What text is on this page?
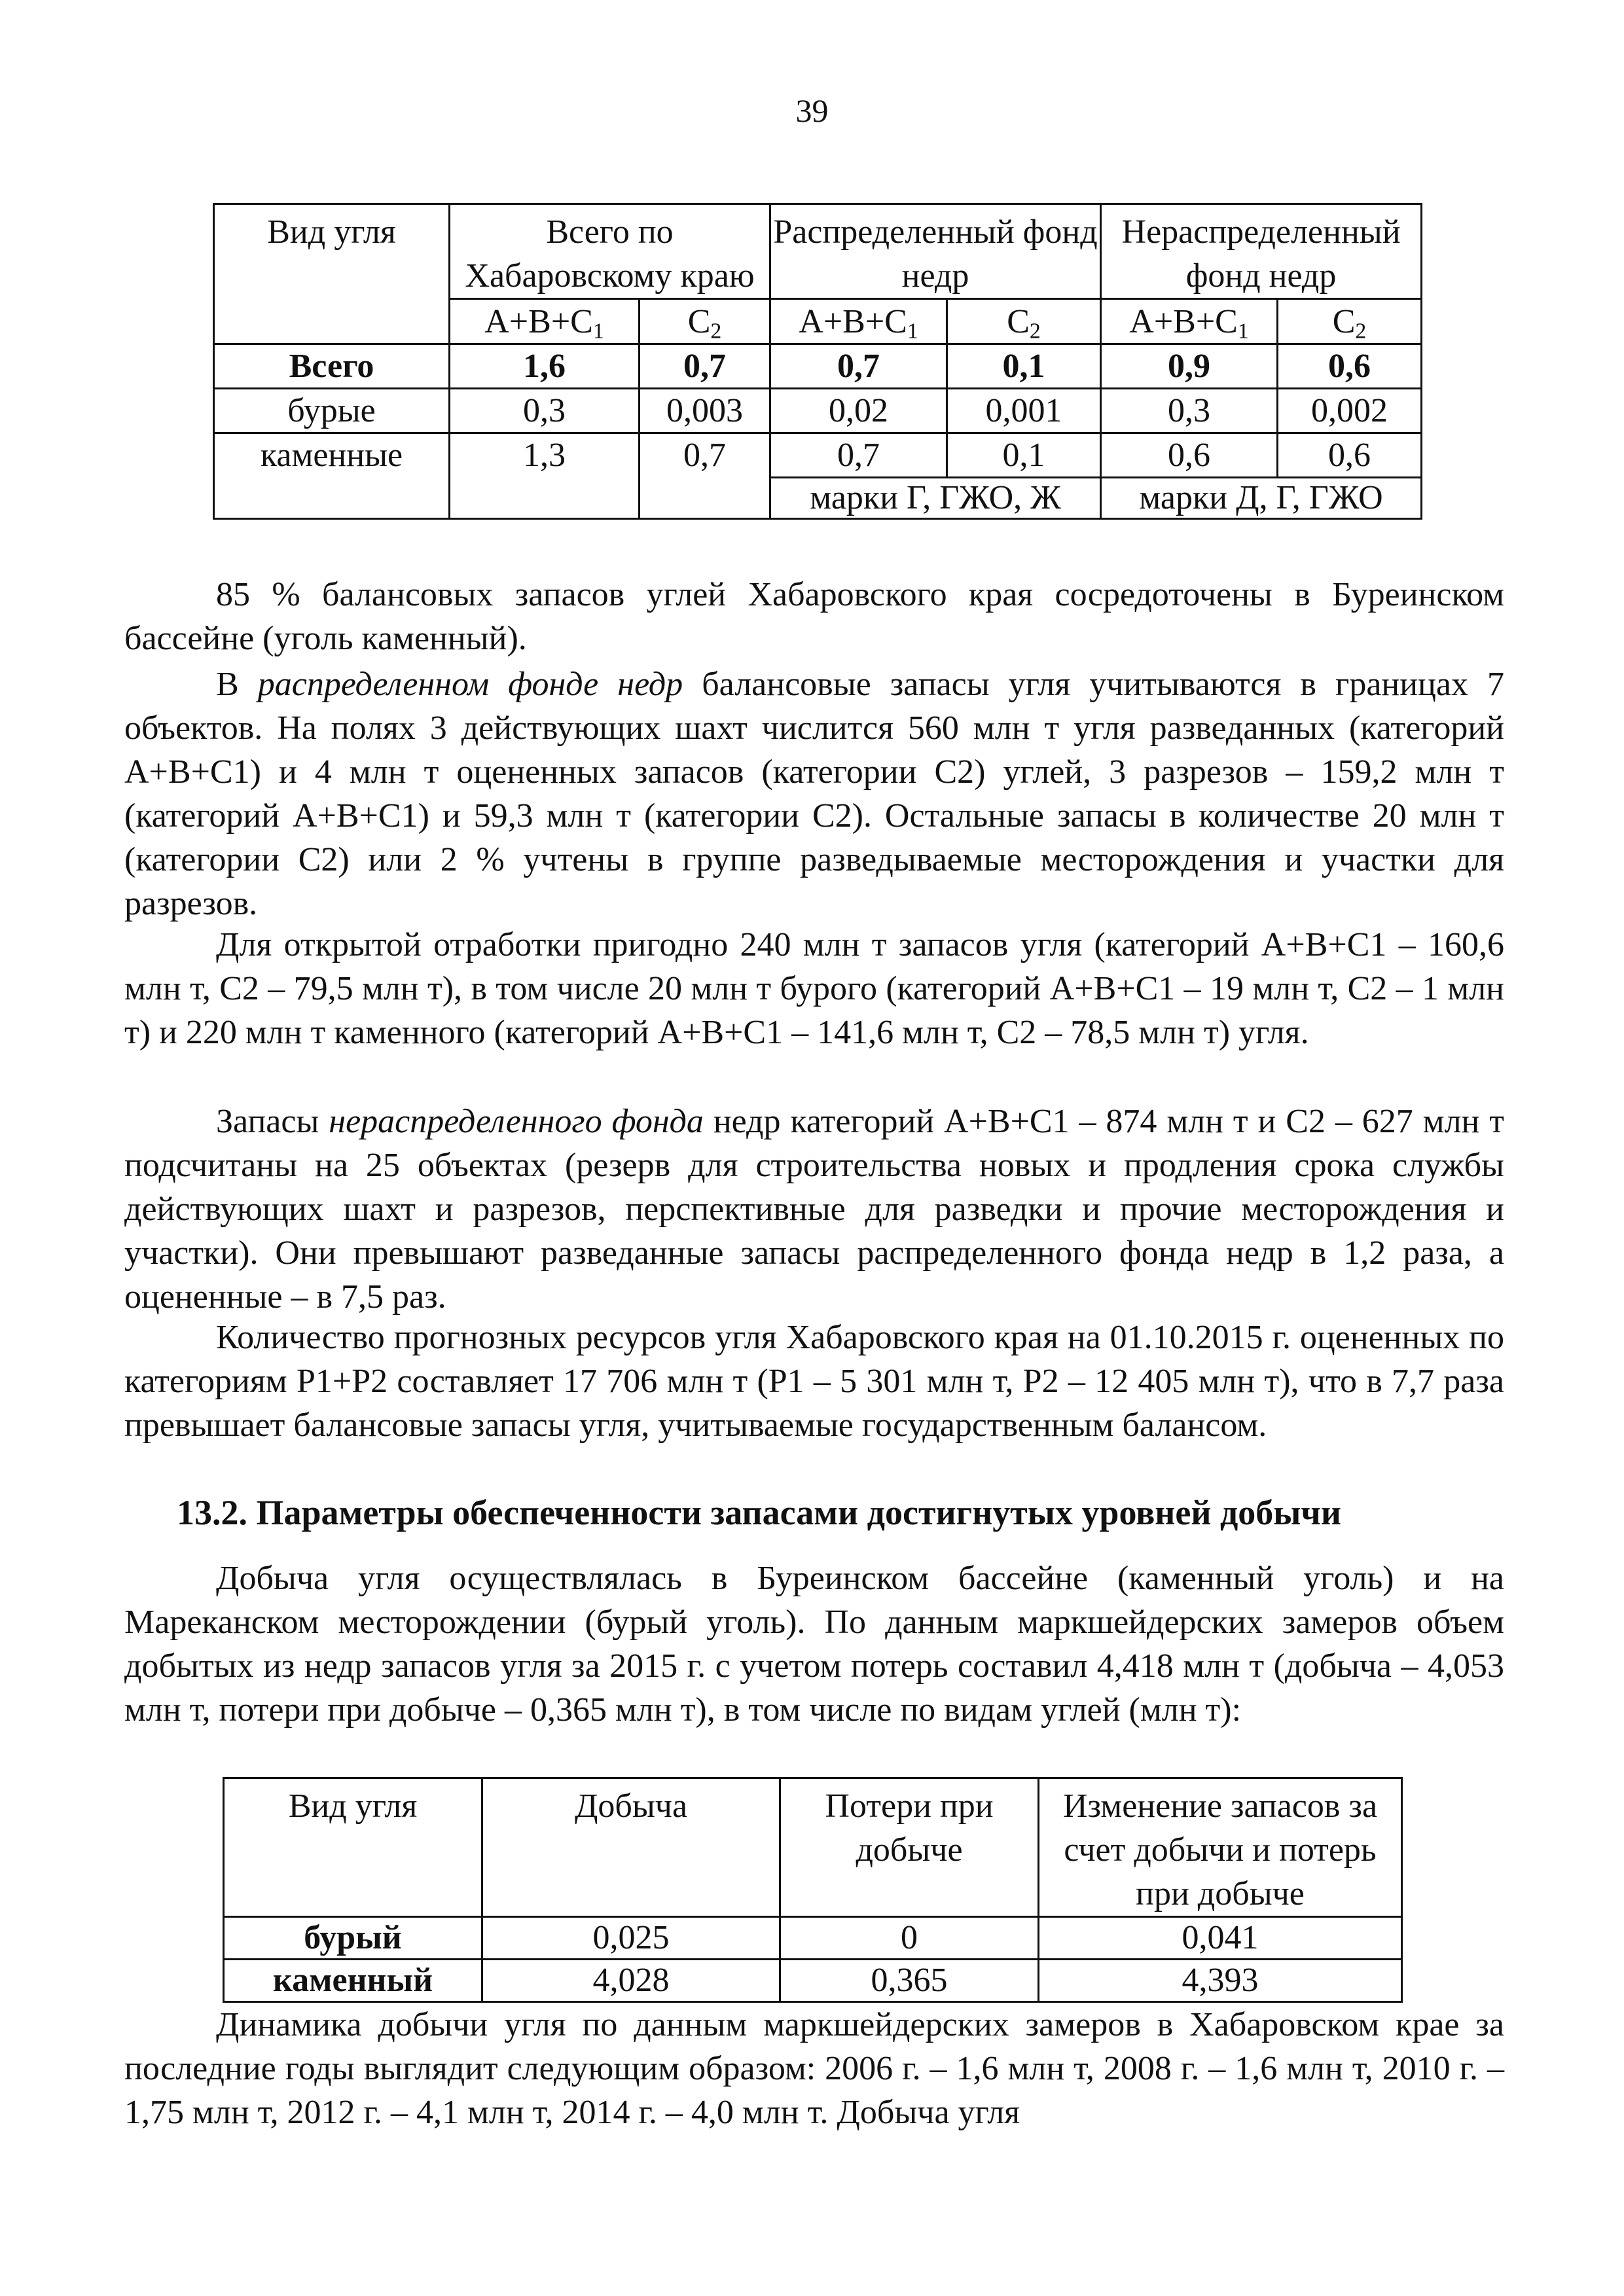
39
Вид угля	Всего по Хабаровскому краю		Распределенный фонд недр		Нераспределенный фонд недр	
	$А+В+С_1$	$С_2$	$А+В+С_1$	$С_2$	$А+В+С_1$	$С_2$
Всего	1,6	0,7	0,7	0,1	0,9	0,6
бурые	0,3	0,003	0,02	0,001	0,3	0,002
каменные	1,3	0,7	0,7	0,1	0,6	0,6
			марки Г, ГЖО, Ж		марки Д, Г, ГЖО	

85 % балансовых запасов углей Хабаровского края сосредоточены в Буреинском бассейне (уголь каменный).

В распределенном фонде недр балансовые запасы угля учитываются в границах 7 объектов. На полях 3 действующих шахт числится 560 млн т угля разведанных (категорий А+В+С1) и 4 млн т оцененных запасов (категории С2) углей, 3 разрезов – 159,2 млн т (категорий А+В+С1) и 59,3 млн т (категории С2). Остальные запасы в количестве 20 млн т (категории С2) или 2 % учтены в группе разведываемые месторождения и участки для разрезов.

Для открытой отработки пригодно 240 млн т запасов угля (категорий А+В+С1 – 160,6 млн т, С2 – 79,5 млн т), в том числе 20 млн т бурого (категорий А+В+С1 – 19 млн т, С2 – 1 млн т) и 220 млн т каменного (категорий А+В+С1 – 141,6 млн т, С2 – 78,5 млн т) угля.

Запасы нераспределенного фонда недр категорий А+В+С1 – 874 млн т и С2 – 627 млн т подсчитаны на 25 объектах (резерв для строительства новых и продления срока службы действующих шахт и разрезов, перспективные для разведки и прочие месторождения и участки). Они превышают разведанные запасы распределенного фонда недр в 1,2 раза, а оцененные – в 7,5 раз.

Количество прогнозных ресурсов угля Хабаровского края на 01.10.2015 г. оцененных по категориям Р1+Р2 составляет 17 706 млн т (Р1 – 5 301 млн т, Р2 – 12 405 млн т), что в 7,7 раза превышает балансовые запасы угля, учитываемые государственным балансом.

13.2. Параметры обеспеченности запасами достигнутых уровней добычи

Добыча угля осуществлялась в Буреинском бассейне (каменный уголь) и на Мареканском месторождении (бурый уголь). По данным маркшейдерских замеров объем добытых из недр запасов угля за 2015 г. с учетом потерь составил 4,418 млн т (добыча – 4,053 млн т, потери при добыче – 0,365 млн т), в том числе по видам углей (млн т):

Вид угля	Добыча	Потери при добыче	Изменение запасов за счет добычи и потерь при добыче
бурый	0,025	0	0,041
каменный	4,028	0,365	4,393

Динамика добычи угля по данным маркшейдерских замеров в Хабаровском крае за последние годы выглядит следующим образом: 2006 г. – 1,6 млн т, 2008 г. – 1,6 млн т, 2010 г. – 1,75 млн т, 2012 г. – 4,1 млн т, 2014 г. – 4,0 млн т. Добыча угля
